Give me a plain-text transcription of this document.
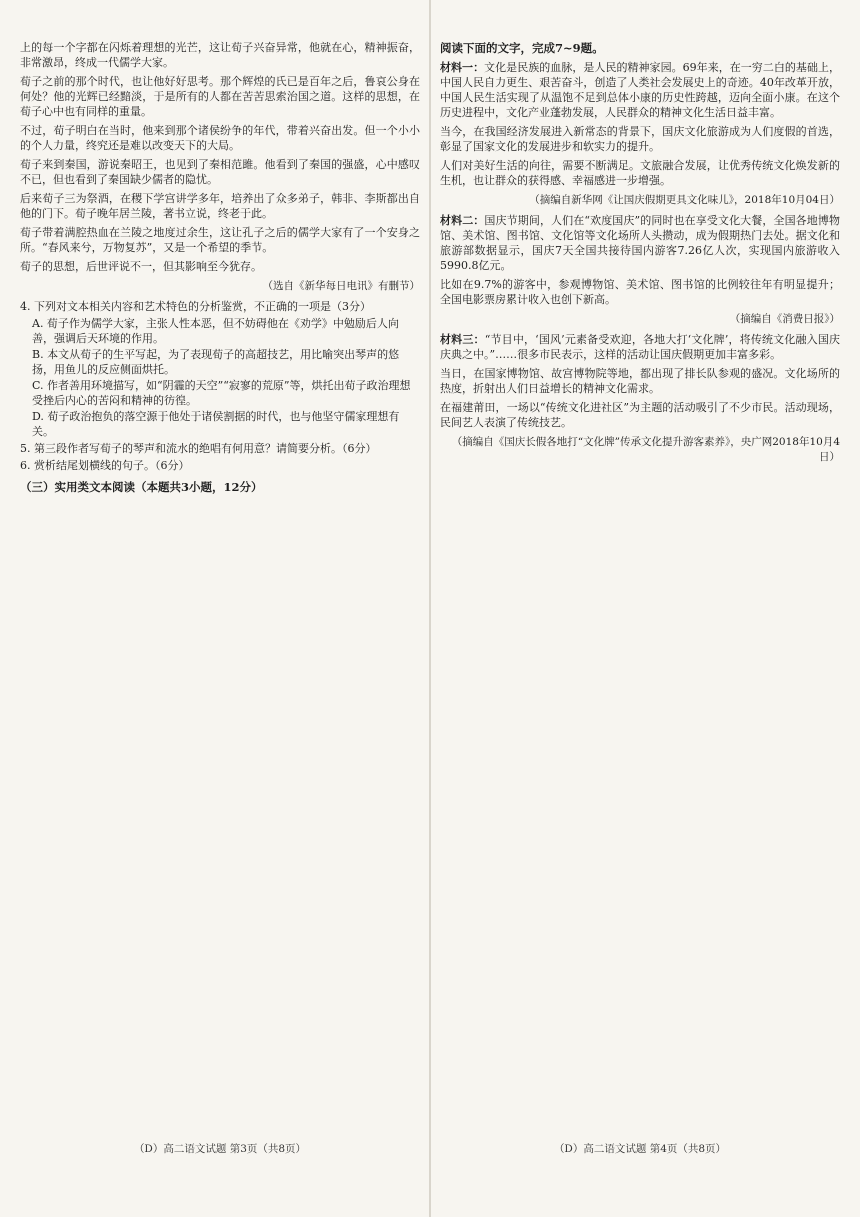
上的每一个字都在闪烁着理想的光芒，这让荀子兴奋异常，他就在心，精神振奋，非常激昂，终成一代儒学大家。

荀子之前的那个时代，也让他好好思考。那个辉煌的氏已是百年之后，鲁哀公身在何处？他的光辉已经黯淡，于是所有的人都在苦苦思索治国之道。这样的思想，在荀子心中也有同样的重量。

不过，荀子明白在当时，他来到那个诸侯纷争的年代，带着兴奋出发。但一个小小的个人力量，终究还是难以改变天下的大局。

荀子来到秦国，游说秦昭王，也见到了秦相范雎。他看到了秦国的强盛，心中感叹不已，但也看到了秦国缺少儒者的隐忧。

后来荀子三为祭酒，在稷下学宫讲学多年，培养出了众多弟子，韩非、李斯都出自他的门下。荀子晚年居兰陵，著书立说，终老于此。

荀子带着满腔热血在兰陵之地度过余生，这让孔子之后的儒学大家有了一个安身之所。“春风来兮，万物复苏”，又是一个希望的季节。

荀子的思想，后世评说不一，但其影响至今犹存。

（选自《新华每日电讯》有删节）
4. 下列对文本相关内容和艺术特色的分析鉴赏，不正确的一项是（3分）
A. 荀子作为儒学大家，主张人性本恶，但不妨碍他在《劝学》中勉励后人向善，强调后天环境的作用。
B. 本文从荀子的生平写起，为了表现荀子的高超技艺，用比喻突出琴声的悠扬，用鱼儿的反应侧面烘托。
C. 作者善用环境描写，如“阴霾的天空”“寂寥的荒原”等，烘托出荀子政治理想受挫后内心的苦闷和精神的彷徨。
D. 荀子政治抱负的落空源于他处于诸侯割据的时代，也与他坚守儒家理想有关。
5. 第三段作者写荀子的琴声和流水的绝唱有何用意？请简要分析。（6分）
6. 赏析结尾划横线的句子。（6分）
（三）实用类文本阅读（本题共3小题，12分）
（D）高二语文试题 第3页（共8页）
阅读下面的文字，完成7~9题。

材料一：文化是民族的血脉，是人民的精神家园。69年来，在一穷二白的基础上，中国人民自力更生、艰苦奋斗，创造了人类社会发展史上的奇迹。40年改革开放，中国人民生活实现了从温饱不足到总体小康的历史性跨越，迈向全面小康。在这个历史进程中，文化产业蓬勃发展，人民群众的精神文化生活日益丰富。

当今，在我国经济发展进入新常态的背景下，国庆文化旅游成为人们度假的首选，彰显了国家文化的发展进步和软实力的提升。

人们对美好生活的向往，需要不断满足。文旅融合发展，让优秀传统文化焕发新的生机，也让群众的获得感、幸福感进一步增强。

（摘编自新华网《让国庆假期更具文化味儿》，2018年10月04日）

材料二：国庆节期间，人们在“欢度国庆”的同时也在享受文化大餐，全国各地博物馆、美术馆、图书馆、文化馆等文化场所人头攒动，成为假期热门去处。据文化和旅游部数据显示，国庆7天全国共接待国内游客7.26亿人次，实现国内旅游收入5990.8亿元。

比如在9.7%的游客中，参观博物馆、美术馆、图书馆的比例较往年有明显提升；全国电影票房累计收入也创下新高。

（摘编自《消费日报》）

材料三：“节目中，‘国风’元素备受欢迎，各地大打‘文化牌’，将传统文化融入国庆庆典之中。”……很多市民表示，这样的活动让国庆假期更加丰富多彩。

当日，在国家博物馆、故宫博物院等地，都出现了排长队参观的盛况。文化场所的热度，折射出人们日益增长的精神文化需求。

在福建莆田，一场以“传统文化进社区”为主题的活动吸引了不少市民。活动现场，民间艺人表演了传统技艺。

（摘编自《国庆长假各地打“文化牌”传承文化提升游客素养》，央广网2018年10月4日）
（D）高二语文试题 第4页（共8页）
